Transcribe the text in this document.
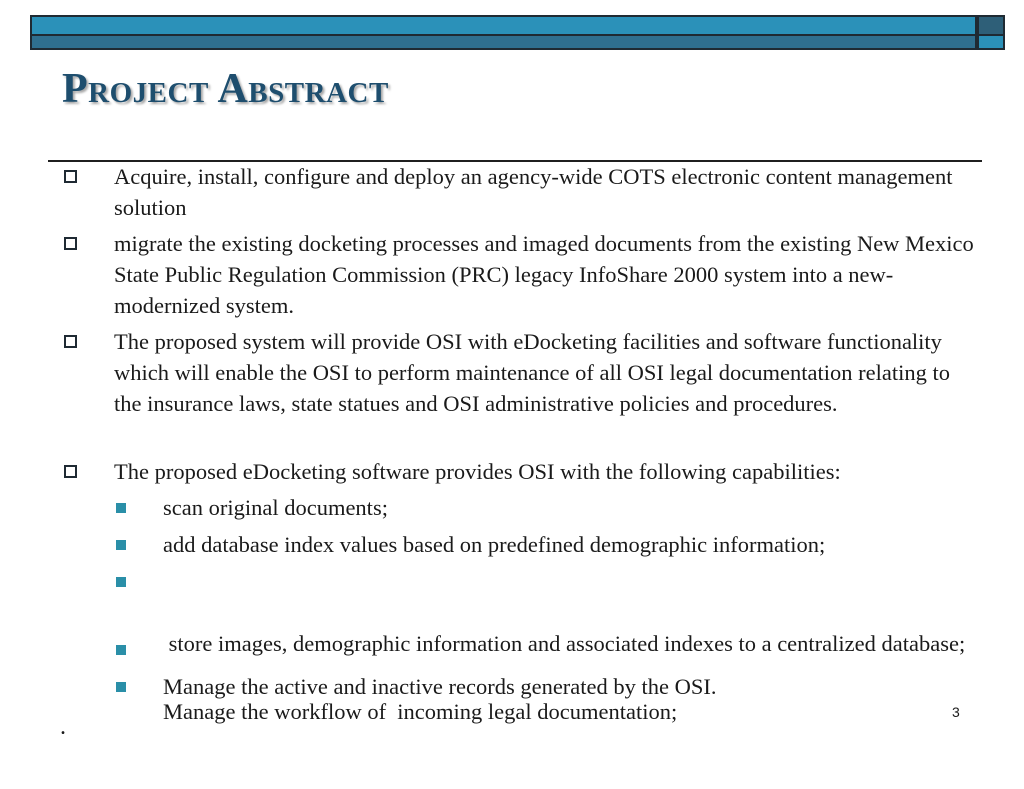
Project Abstract
Acquire, install, configure and deploy an agency-wide COTS electronic content management solution
migrate the existing docketing processes and imaged documents from the existing New Mexico State Public Regulation Commission (PRC) legacy InfoShare 2000 system into a new-modernized system.
The proposed system will provide OSI with eDocketing facilities and software functionality which will enable the OSI to perform maintenance of all OSI legal documentation relating to the insurance laws, state statues and OSI administrative policies and procedures.
The proposed eDocketing software provides OSI with the following capabilities:
scan original documents;
add database index values based on predefined demographic information;

store images, demographic information and associated indexes to a centralized database;

Manage the workflow of  incoming legal documentation;

Manage the active and inactive records generated by the OSI.
.
3
